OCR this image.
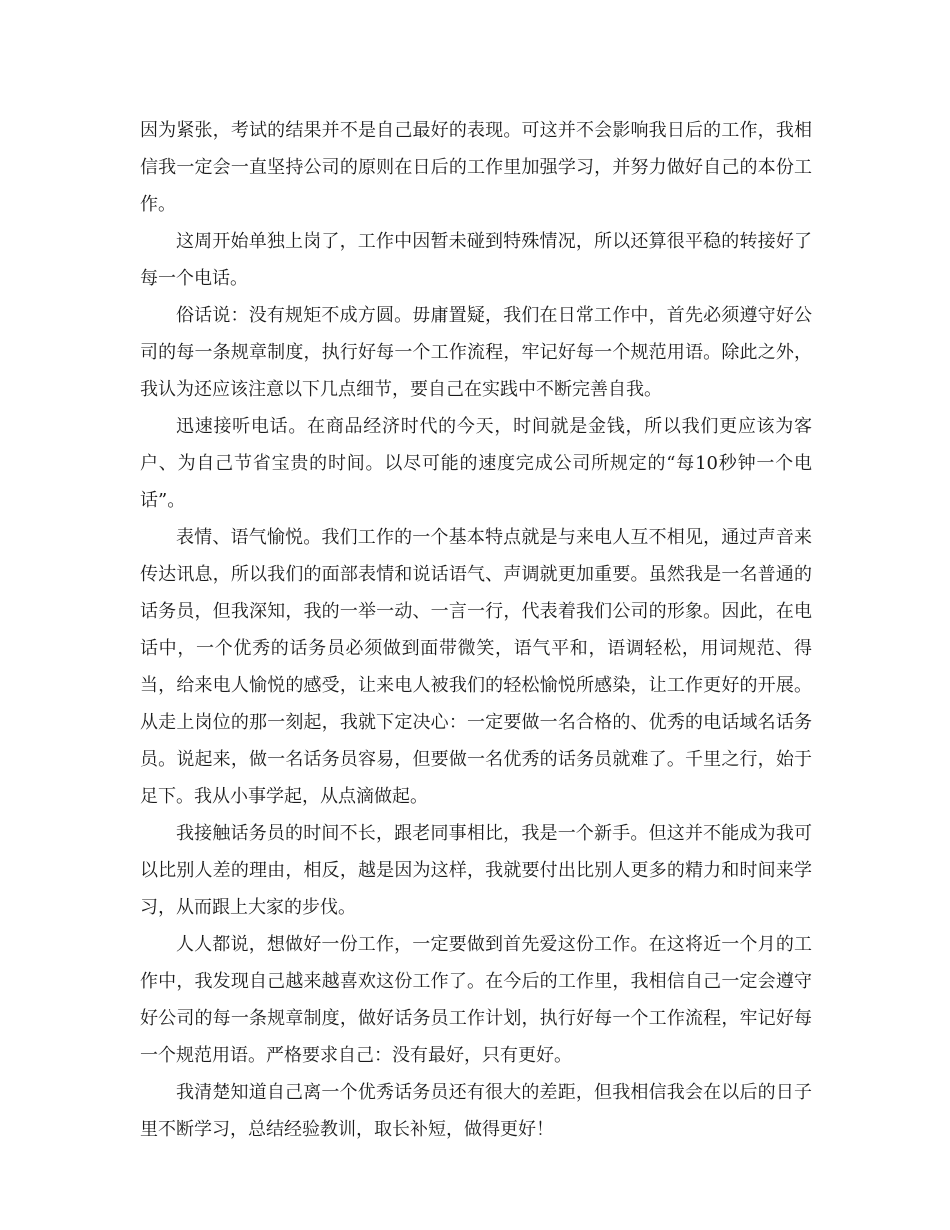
因为紧张，考试的结果并不是自己最好的表现。可这并不会影响我日后的工作，我相信我一定会一直坚持公司的原则在日后的工作里加强学习，并努力做好自己的本份工作。

这周开始单独上岗了，工作中因暂未碰到特殊情况，所以还算很平稳的转接好了每一个电话。

俗话说：没有规矩不成方圆。毋庸置疑，我们在日常工作中，首先必须遵守好公司的每一条规章制度，执行好每一个工作流程，牢记好每一个规范用语。除此之外，我认为还应该注意以下几点细节，要自己在实践中不断完善自我。

迅速接听电话。在商品经济时代的今天，时间就是金钱，所以我们更应该为客户、为自己节省宝贵的时间。以尽可能的速度完成公司所规定的“每10秒钟一个电话”。

表情、语气愉悦。我们工作的一个基本特点就是与来电人互不相见，通过声音来传达讯息，所以我们的面部表情和说话语气、声调就更加重要。虽然我是一名普通的话务员，但我深知，我的一举一动、一言一行，代表着我们公司的形象。因此，在电话中，一个优秀的话务员必须做到面带微笑，语气平和，语调轻松，用词规范、得当，给来电人愉悦的感受，让来电人被我们的轻松愉悦所感染，让工作更好的开展。从走上岗位的那一刻起，我就下定决心：一定要做一名合格的、优秀的电话域名话务员。说起来，做一名话务员容易，但要做一名优秀的话务员就难了。千里之行，始于足下。我从小事学起，从点滴做起。

我接触话务员的时间不长，跟老同事相比，我是一个新手。但这并不能成为我可以比别人差的理由，相反，越是因为这样，我就要付出比别人更多的精力和时间来学习，从而跟上大家的步伐。

人人都说，想做好一份工作，一定要做到首先爱这份工作。在这将近一个月的工作中，我发现自己越来越喜欢这份工作了。在今后的工作里，我相信自己一定会遵守好公司的每一条规章制度，做好话务员工作计划，执行好每一个工作流程，牢记好每一个规范用语。严格要求自己：没有最好，只有更好。

我清楚知道自己离一个优秀话务员还有很大的差距，但我相信我会在以后的日子里不断学习，总结经验教训，取长补短，做得更好！
